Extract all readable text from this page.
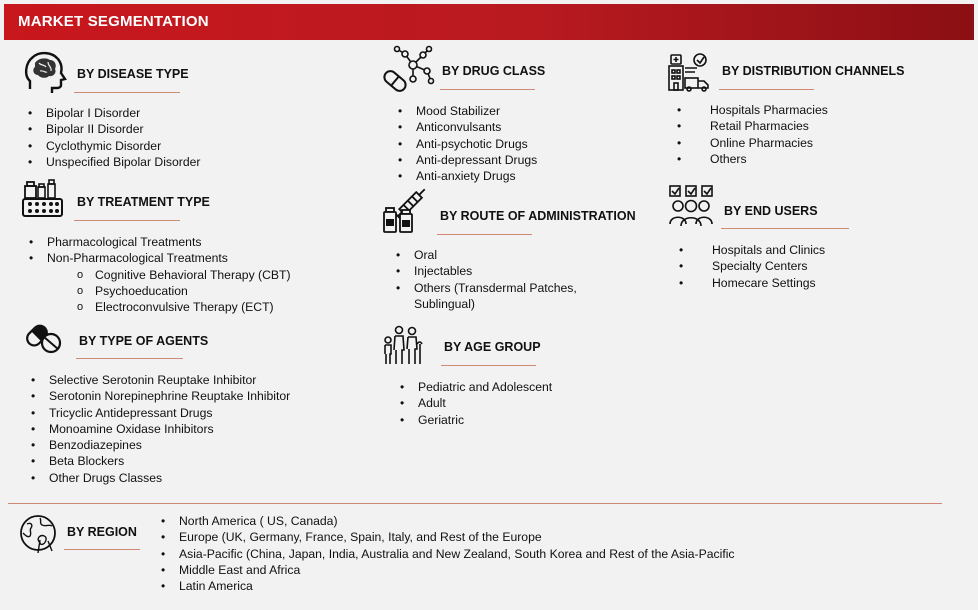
MARKET SEGMENTATION
BY DISEASE TYPE
• Bipolar I Disorder
• Bipolar II Disorder
• Cyclothymic Disorder
• Unspecified Bipolar Disorder
BY TREATMENT TYPE
• Pharmacological Treatments
• Non-Pharmacological Treatments
o Cognitive Behavioral Therapy (CBT)
o Psychoeducation
o Electroconvulsive Therapy (ECT)
BY TYPE OF AGENTS
• Selective Serotonin Reuptake Inhibitor
• Serotonin Norepinephrine Reuptake Inhibitor
• Tricyclic Antidepressant Drugs
• Monoamine Oxidase Inhibitors
• Benzodiazepines
• Beta Blockers
• Other Drugs Classes
BY DRUG CLASS
• Mood Stabilizer
• Anticonvulsants
• Anti-psychotic Drugs
• Anti-depressant Drugs
• Anti-anxiety Drugs
BY ROUTE OF ADMINISTRATION
• Oral
• Injectables
• Others (Transdermal Patches, Sublingual)
BY AGE GROUP
• Pediatric and Adolescent
• Adult
• Geriatric
BY DISTRIBUTION CHANNELS
• Hospitals Pharmacies
• Retail Pharmacies
• Online Pharmacies
• Others
BY END USERS
• Hospitals and Clinics
• Specialty Centers
• Homecare Settings
BY REGION
• North America ( US, Canada)
• Europe (UK, Germany, France, Spain, Italy, and Rest of the Europe
• Asia-Pacific (China, Japan, India, Australia and New Zealand, South Korea and Rest of the Asia-Pacific
• Middle East and Africa
• Latin America
